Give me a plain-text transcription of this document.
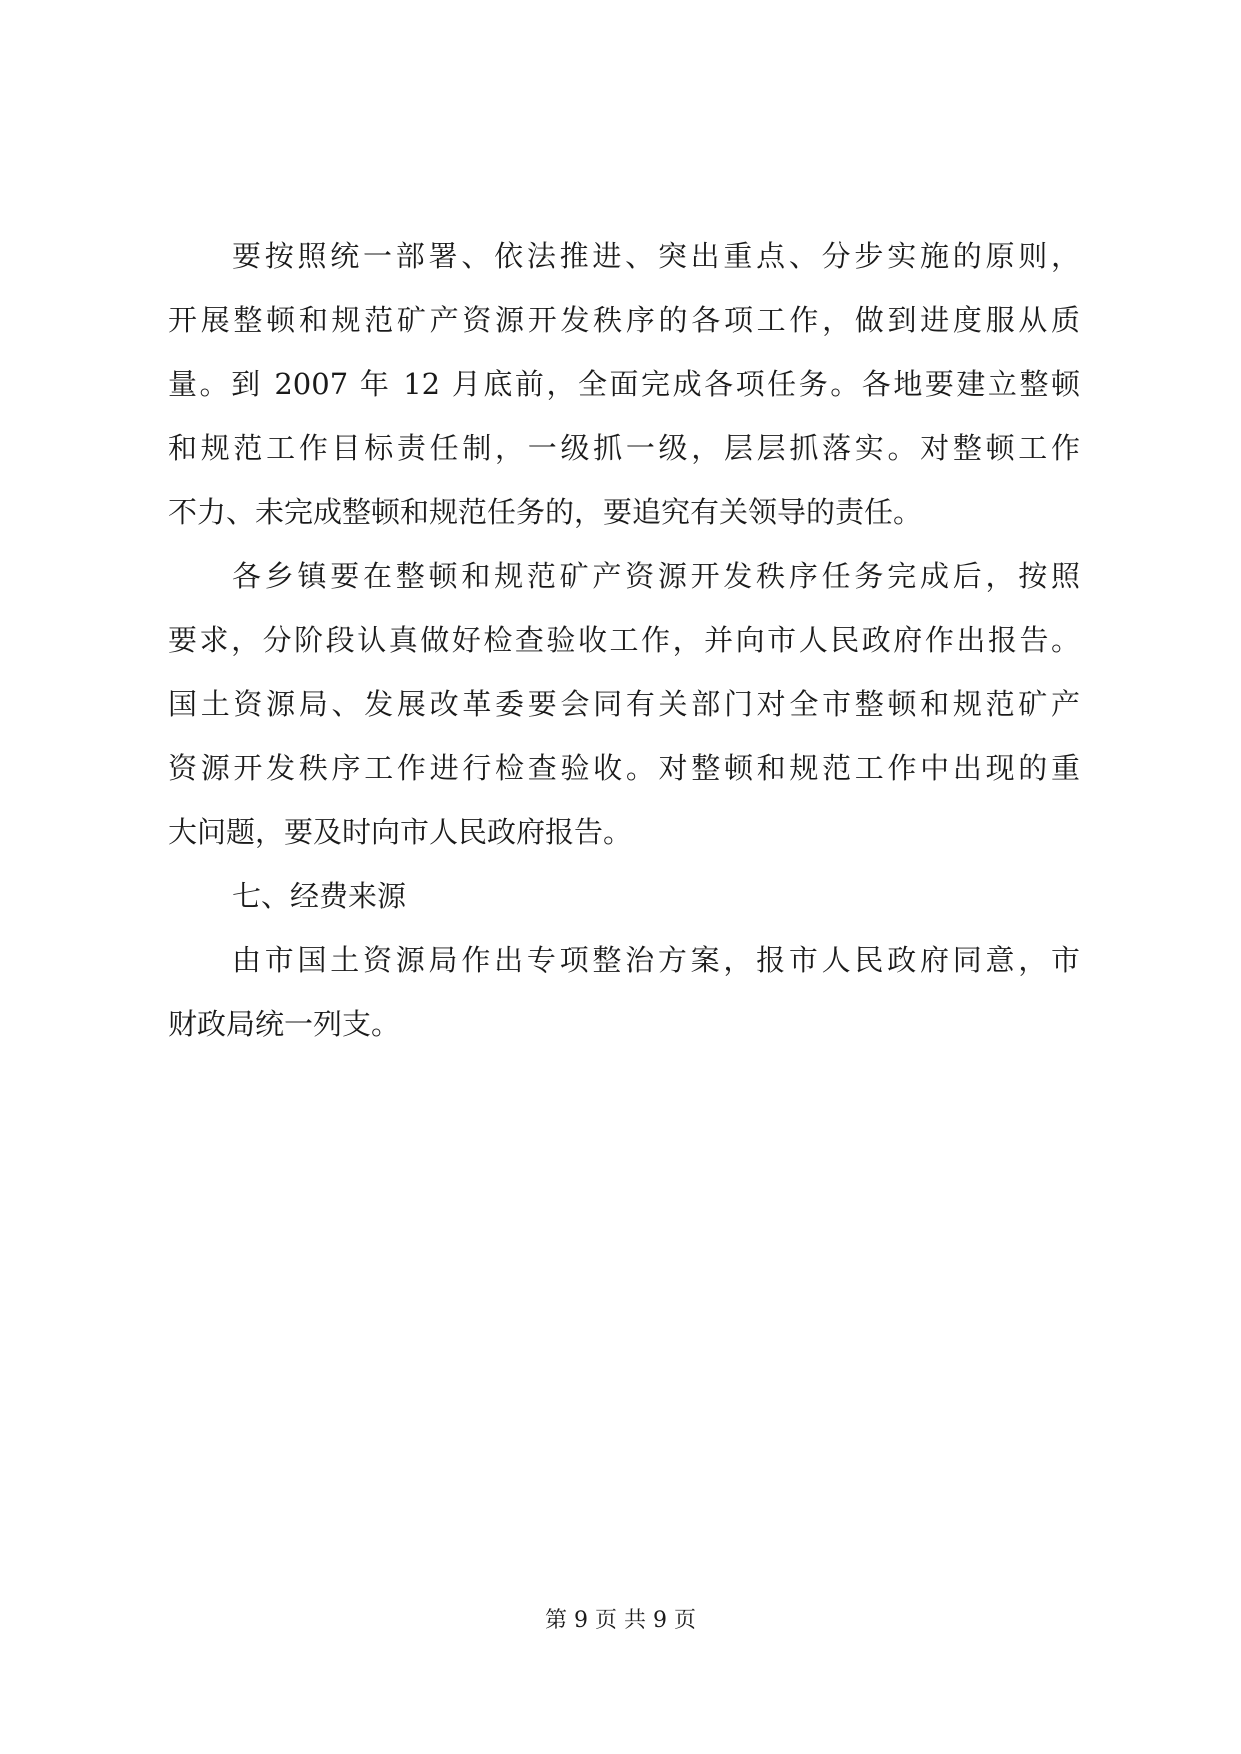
要按照统一部署、依法推进、突出重点、分步实施的原则，
开展整顿和规范矿产资源开发秩序的各项工作，做到进度服从质
量。到 2007 年 12 月底前，全面完成各项任务。各地要建立整顿
和规范工作目标责任制，一级抓一级，层层抓落实。对整顿工作
不力、未完成整顿和规范任务的，要追究有关领导的责任。
各乡镇要在整顿和规范矿产资源开发秩序任务完成后，按照
要求，分阶段认真做好检查验收工作，并向市人民政府作出报告。
国土资源局、发展改革委要会同有关部门对全市整顿和规范矿产
资源开发秩序工作进行检查验收。对整顿和规范工作中出现的重
大问题，要及时向市人民政府报告。
七、经费来源
由市国土资源局作出专项整治方案，报市人民政府同意，市
财政局统一列支。
第 9 页 共 9 页
